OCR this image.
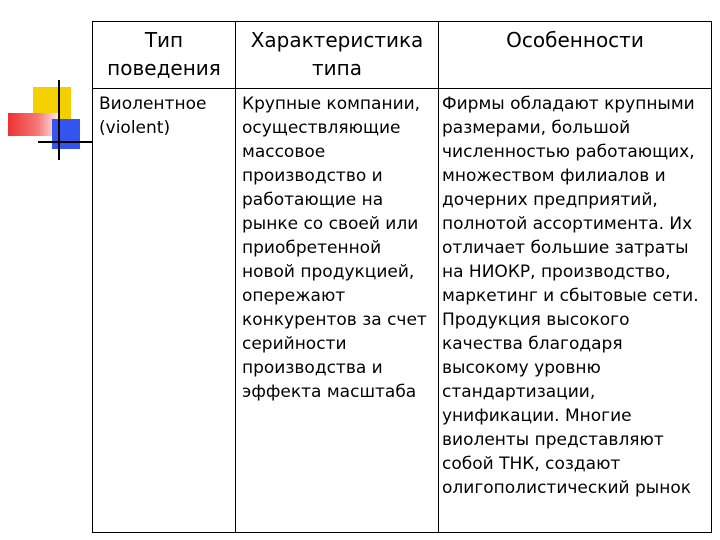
Тип
поведения
Характеристика
типа
Особенности
Виолентное
(violent)
Крупные компании,
осуществляющие
массовое
производство и
работающие на
рынке со своей или
приобретенной
новой продукцией,
опережают
конкурентов за счет
серийности
производства и
эффекта масштаба
Фирмы обладают крупными
размерами, большой
численностью работающих,
множеством филиалов и
дочерних предприятий,
полнотой ассортимента. Их
отличает большие затраты
на НИОКР, производство,
маркетинг и сбытовые сети.
Продукция высокого
качества благодаря
высокому уровню
стандартизации,
унификации. Многие
виоленты представляют
собой ТНК, создают
олигополистический рынок
